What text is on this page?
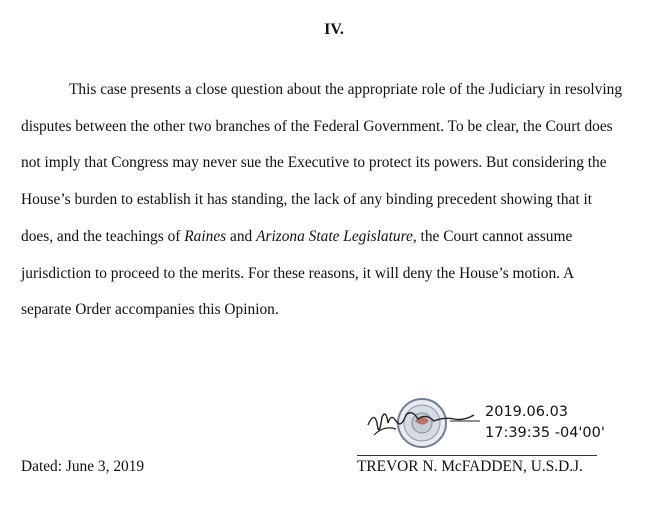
IV.

This case presents a close question about the appropriate role of the Judiciary in resolving
disputes between the other two branches of the Federal Government. To be clear, the Court does
not imply that Congress may never sue the Executive to protect its powers. But considering the
House’s burden to establish it has standing, the lack of any binding precedent showing that it
does, and the teachings of Raines and Arizona State Legislature, the Court cannot assume
jurisdiction to proceed to the merits. For these reasons, it will deny the House’s motion. A
separate Order accompanies this Opinion.

2019.06.03
17:39:35 -04'00'
TREVOR N. McFADDEN, U.S.D.J.
Dated: June 3, 2019
